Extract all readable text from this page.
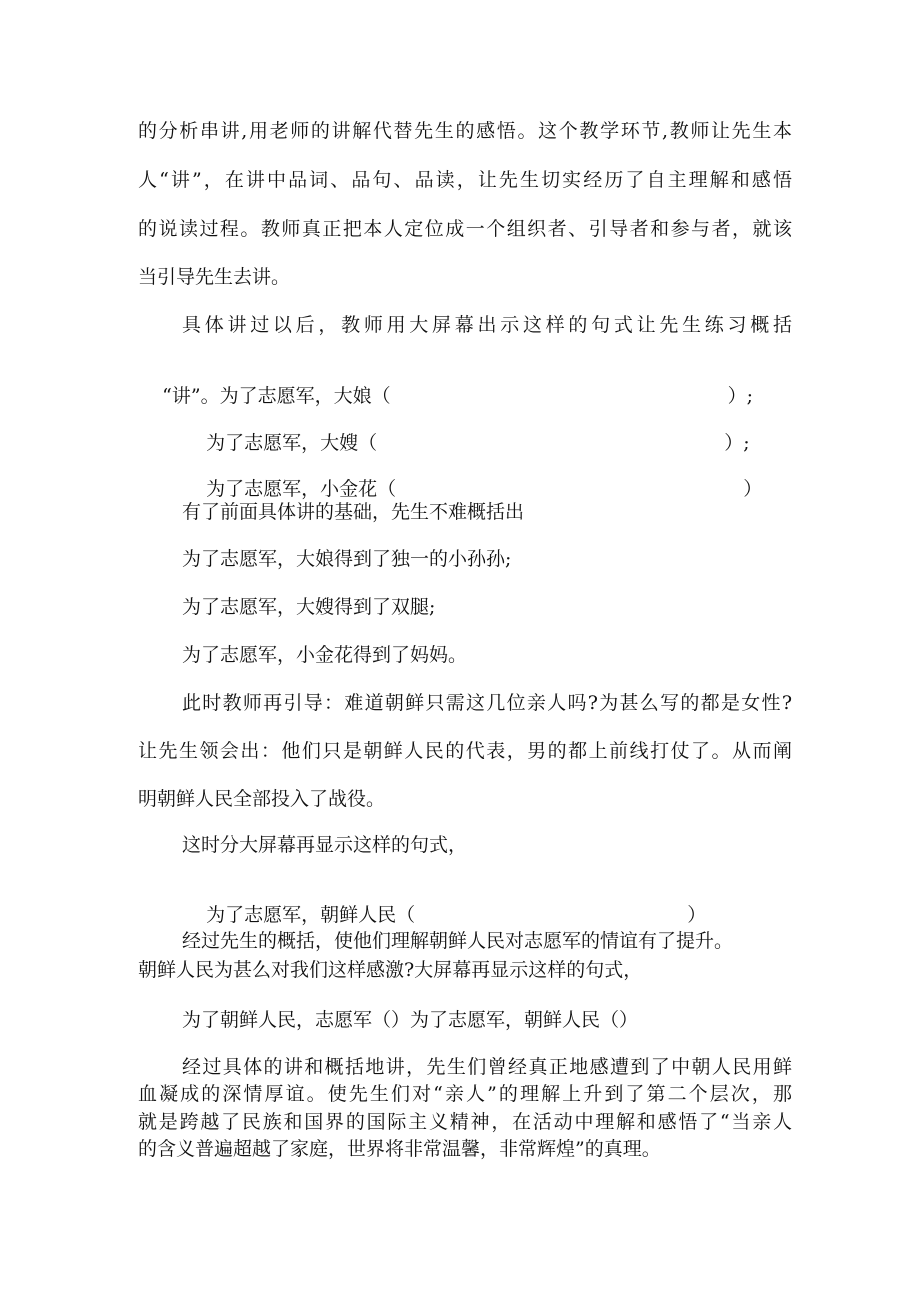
的分析串讲,用老师的讲解代替先生的感悟。这个教学环节,教师让先生本
人“讲”，在讲中品词、品句、品读，让先生切实经历了自主理解和感悟
的说读过程。教师真正把本人定位成一个组织者、引导者和参与者，就该
当引导先生去讲。
具体讲过以后，教师用大屏幕出示这样的句式让先生练习概括

“讲”。为了志愿军，大娘（	）;

为了志愿军，大嫂（	）;

为了志愿军，小金花（	）

有了前面具体讲的基础，先生不难概括出
为了志愿军，大娘得到了独一的小孙孙;
为了志愿军，大嫂得到了双腿;
为了志愿军，小金花得到了妈妈。
此时教师再引导：难道朝鲜只需这几位亲人吗?为甚么写的都是女性?
让先生领会出：他们只是朝鲜人民的代表，男的都上前线打仗了。从而阐
明朝鲜人民全部投入了战役。
这时分大屏幕再显示这样的句式，

为了志愿军，朝鲜人民（	）

经过先生的概括，使他们理解朝鲜人民对志愿军的情谊有了提升。
朝鲜人民为甚么对我们这样感激?大屏幕再显示这样的句式，
为了朝鲜人民，志愿军（）为了志愿军，朝鲜人民（）
经过具体的讲和概括地讲，先生们曾经真正地感遭到了中朝人民用鲜
血凝成的深情厚谊。使先生们对“亲人”的理解上升到了第二个层次，那
就是跨越了民族和国界的国际主义精神，在活动中理解和感悟了“当亲人
的含义普遍超越了家庭，世界将非常温馨，非常辉煌”的真理。
